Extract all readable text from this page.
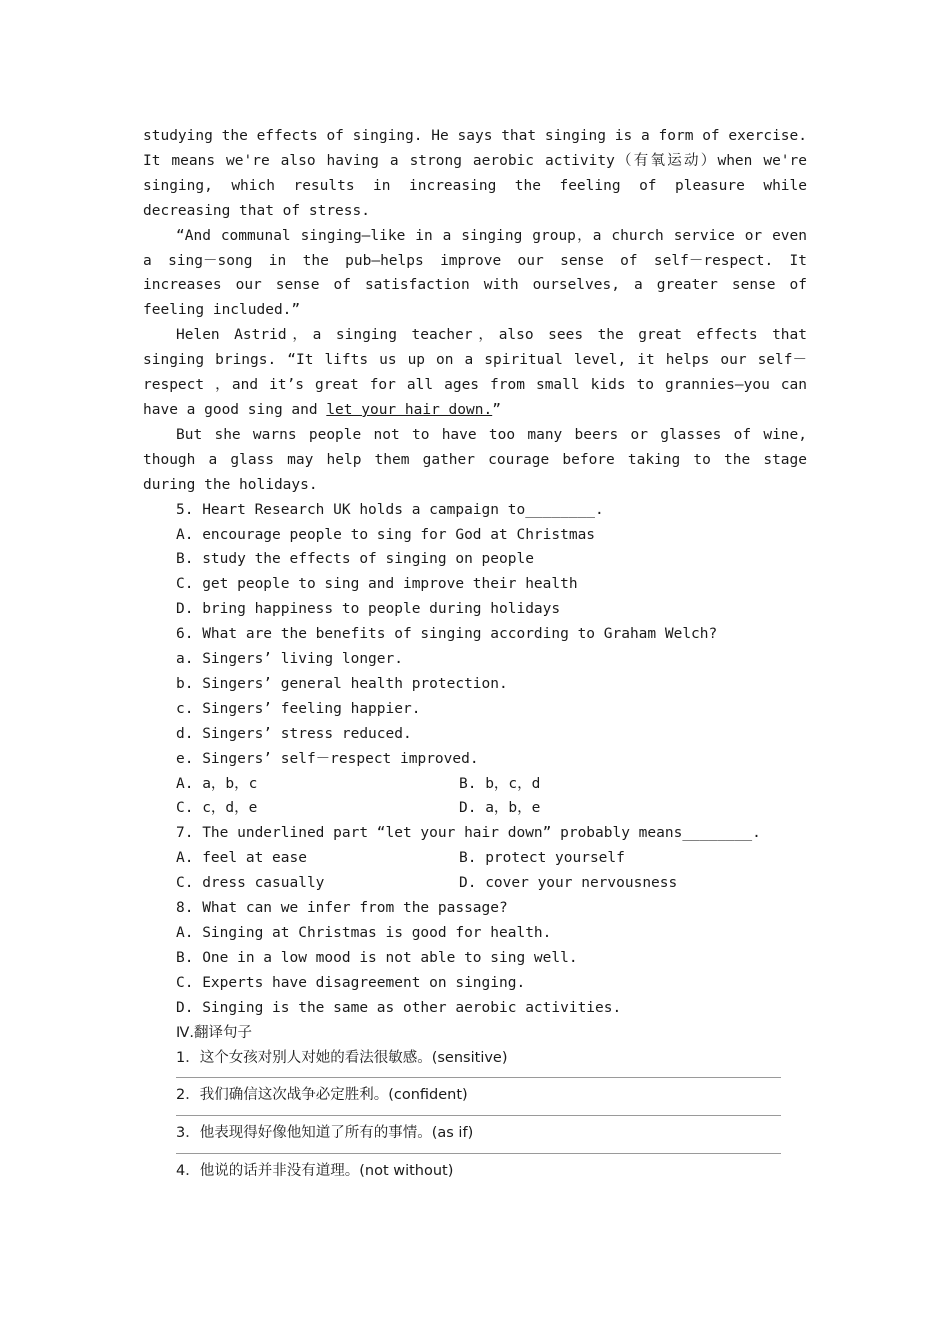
studying the effects of singing. He says that singing is a form of exercise. It means we're also having a strong aerobic activity（有氧运动）when we're singing, which results in increasing the feeling of pleasure while decreasing that of stress.

“And communal singing—like in a singing group，a church service or even a sing－song in the pub—helps improve our sense of self－respect. It increases our sense of satisfaction with ourselves, a greater sense of feeling included.”

Helen Astrid，a singing teacher，also sees the great effects that singing brings. “It lifts us up on a spiritual level, it helps our self－respect ，and it’s great for all ages from small kids to grannies—you can have a good sing and let your hair down.”

But she warns people not to have too many beers or glasses of wine, though a glass may help them gather courage before taking to the stage during the holidays.

5. Heart Research UK holds a campaign to________.

A. encourage people to sing for God at Christmas

B. study the effects of singing on people

C. get people to sing and improve their health

D. bring happiness to people during holidays

6. What are the benefits of singing according to Graham Welch?

a. Singers’ living longer.

b. Singers’ general health protection.

c. Singers’ feeling happier.

d. Singers’ stress reduced.

e. Singers’ self－respect improved.

A. a，b，c	B. b，c，d
C. c，d，e	D. a，b，e

7. The underlined part “let your hair down” probably means________.

A. feel at ease	B. protect yourself
C. dress casually	D. cover your nervousness

8. What can we infer from the passage?

A. Singing at Christmas is good for health.

B. One in a low mood is not able to sing well.

C. Experts have disagreement on singing.

D. Singing is the same as other aerobic activities.

Ⅳ.翻译句子

1．这个女孩对别人对她的看法很敏感。(sensitive)

2．我们确信这次战争必定胜利。(confident)

3．他表现得好像他知道了所有的事情。(as if)

4．他说的话并非没有道理。(not without)
